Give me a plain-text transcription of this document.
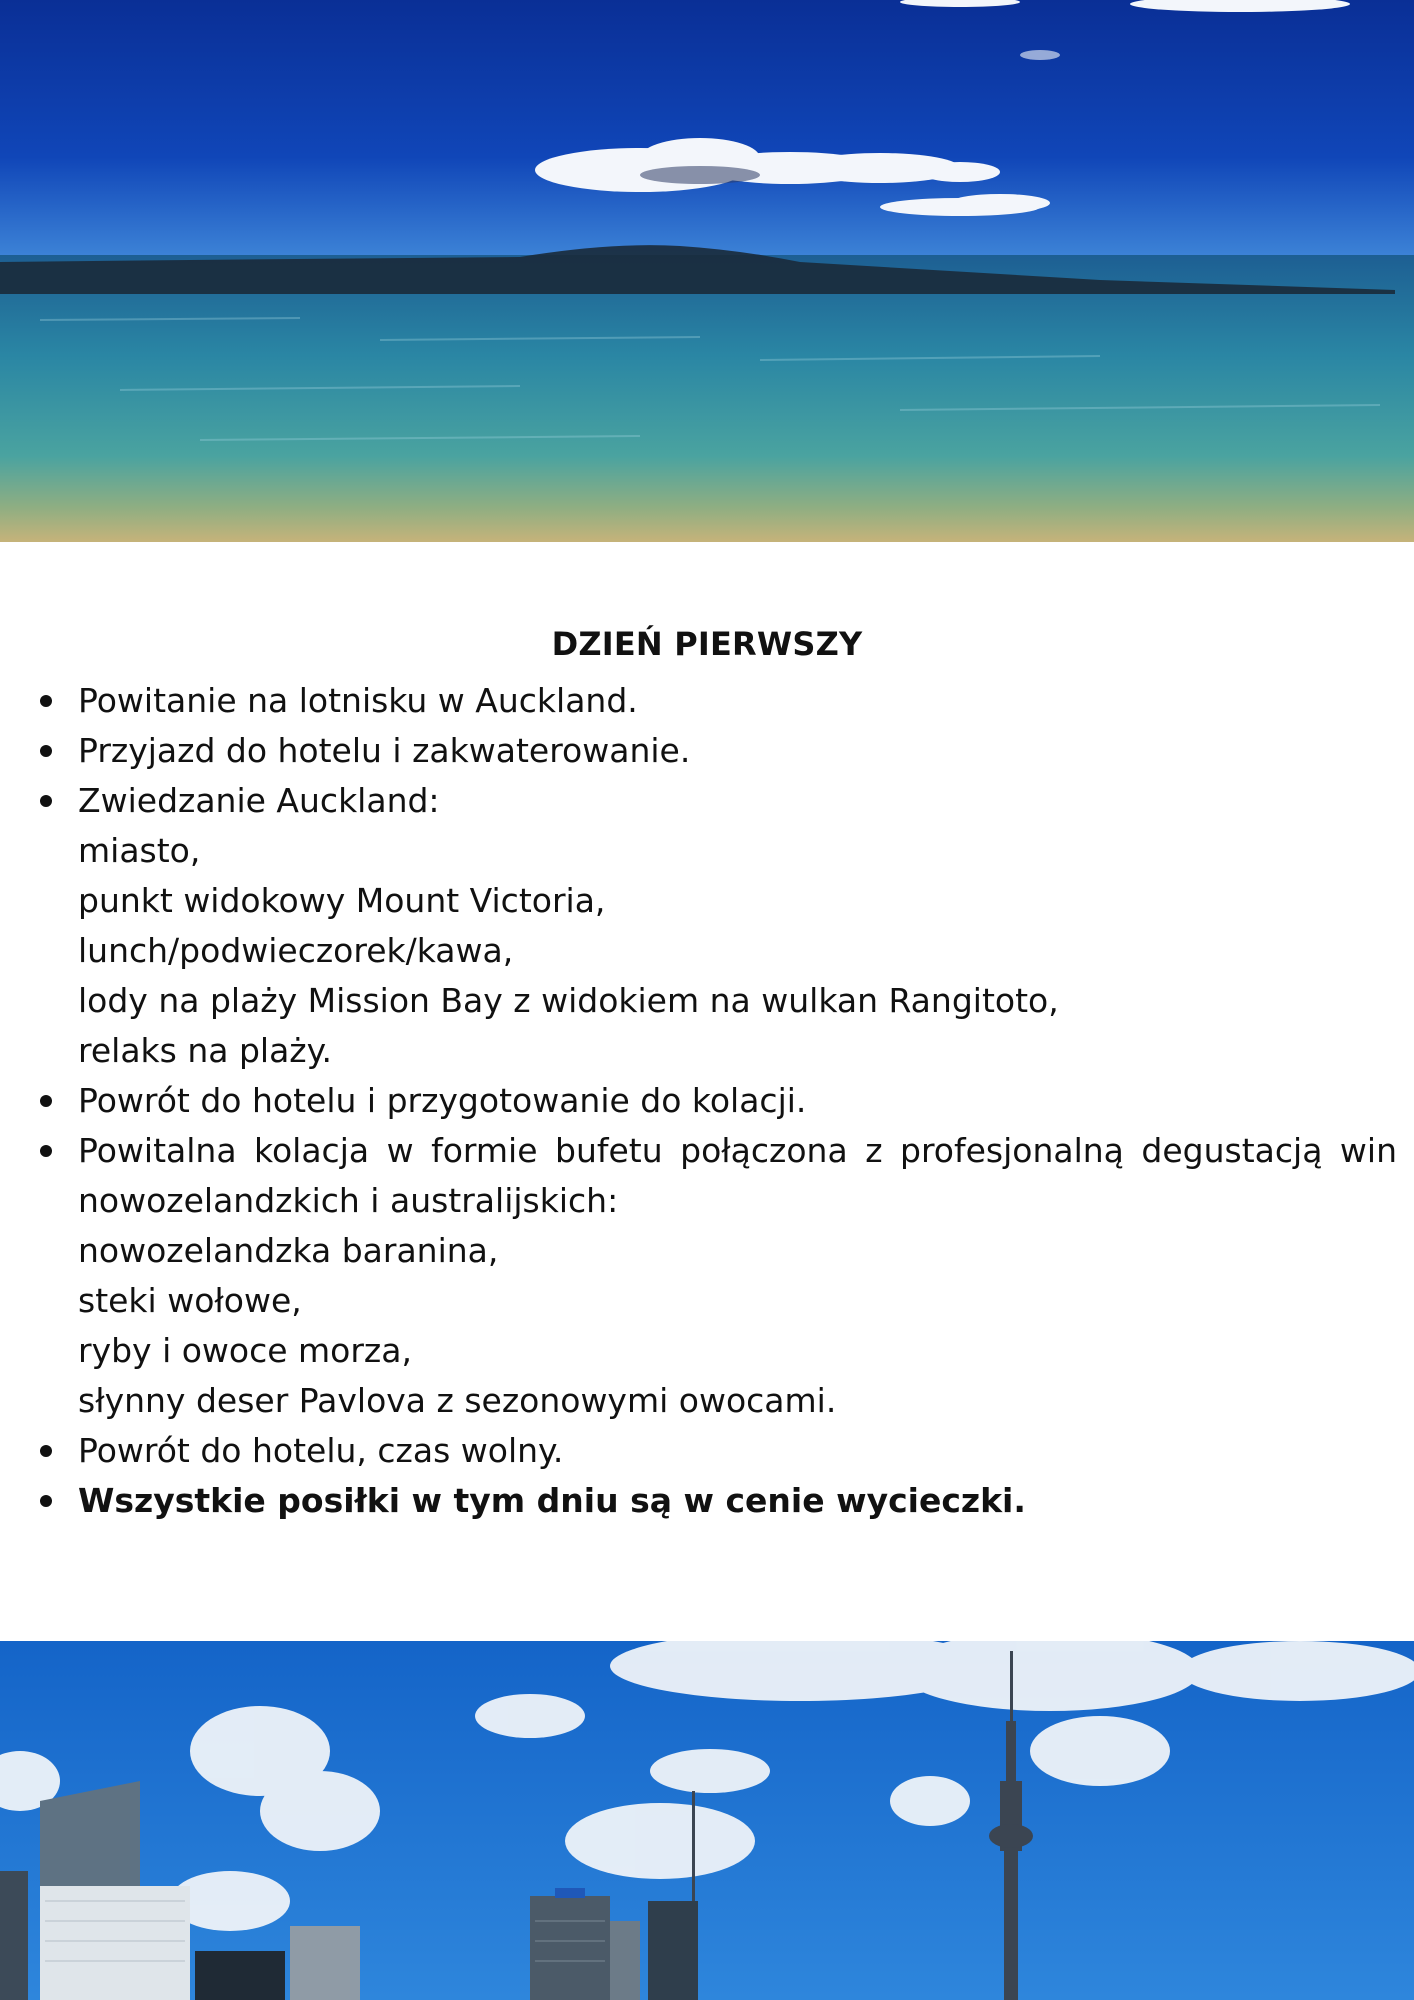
DZIEŃ PIERWSZY
Powitanie na lotnisku w Auckland.
Przyjazd do hotelu i zakwaterowanie.
Zwiedzanie Auckland:
miasto,
punkt widokowy Mount Victoria,
lunch/podwieczorek/kawa,
lody na plaży Mission Bay z widokiem na wulkan Rangitoto,
relaks na plaży.
Powrót do hotelu i przygotowanie do kolacji.
Powitalna kolacja w formie bufetu połączona z profesjonalną degustacją win nowozelandzkich i australijskich:
nowozelandzka baranina,
steki wołowe,
ryby i owoce morza,
słynny deser Pavlova z sezonowymi owocami.
Powrót do hotelu, czas wolny.
Wszystkie posiłki w tym dniu są w cenie wycieczki.
